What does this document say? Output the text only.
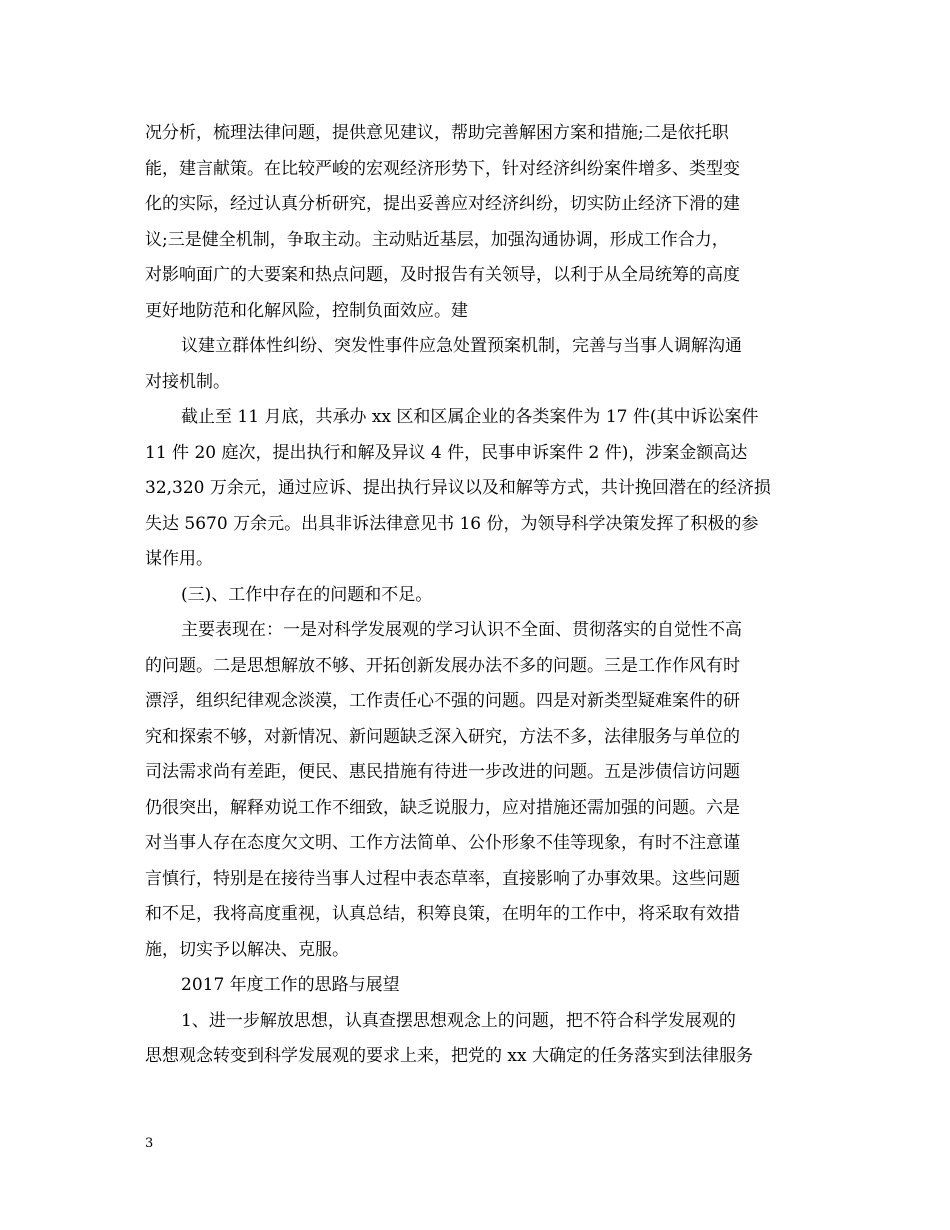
况分析，梳理法律问题，提供意见建议，帮助完善解困方案和措施;二是依托职
能，建言献策。在比较严峻的宏观经济形势下，针对经济纠纷案件增多、类型变
化的实际，经过认真分析研究，提出妥善应对经济纠纷，切实防止经济下滑的建
议;三是健全机制，争取主动。主动贴近基层，加强沟通协调，形成工作合力，
对影响面广的大要案和热点问题，及时报告有关领导，以利于从全局统筹的高度
更好地防范和化解风险，控制负面效应。建
议建立群体性纠纷、突发性事件应急处置预案机制，完善与当事人调解沟通
对接机制。
截止至 11 月底，共承办 xx 区和区属企业的各类案件为 17 件(其中诉讼案件
11 件 20 庭次，提出执行和解及异议 4 件，民事申诉案件 2 件)，涉案金额高达
32,320 万余元，通过应诉、提出执行异议以及和解等方式，共计挽回潜在的经济损
失达 5670 万余元。出具非诉法律意见书 16 份，为领导科学决策发挥了积极的参
谋作用。
(三)、工作中存在的问题和不足。
主要表现在：一是对科学发展观的学习认识不全面、贯彻落实的自觉性不高
的问题。二是思想解放不够、开拓创新发展办法不多的问题。三是工作作风有时
漂浮，组织纪律观念淡漠，工作责任心不强的问题。四是对新类型疑难案件的研
究和探索不够，对新情况、新问题缺乏深入研究，方法不多，法律服务与单位的
司法需求尚有差距，便民、惠民措施有待进一步改进的问题。五是涉债信访问题
仍很突出，解释劝说工作不细致，缺乏说服力，应对措施还需加强的问题。六是
对当事人存在态度欠文明、工作方法简单、公仆形象不佳等现象，有时不注意谨
言慎行，特别是在接待当事人过程中表态草率，直接影响了办事效果。这些问题
和不足，我将高度重视，认真总结，积筹良策，在明年的工作中，将采取有效措
施，切实予以解决、克服。
2017 年度工作的思路与展望
1、进一步解放思想，认真查摆思想观念上的问题，把不符合科学发展观的
思想观念转变到科学发展观的要求上来，把党的 xx 大确定的任务落实到法律服务
3
